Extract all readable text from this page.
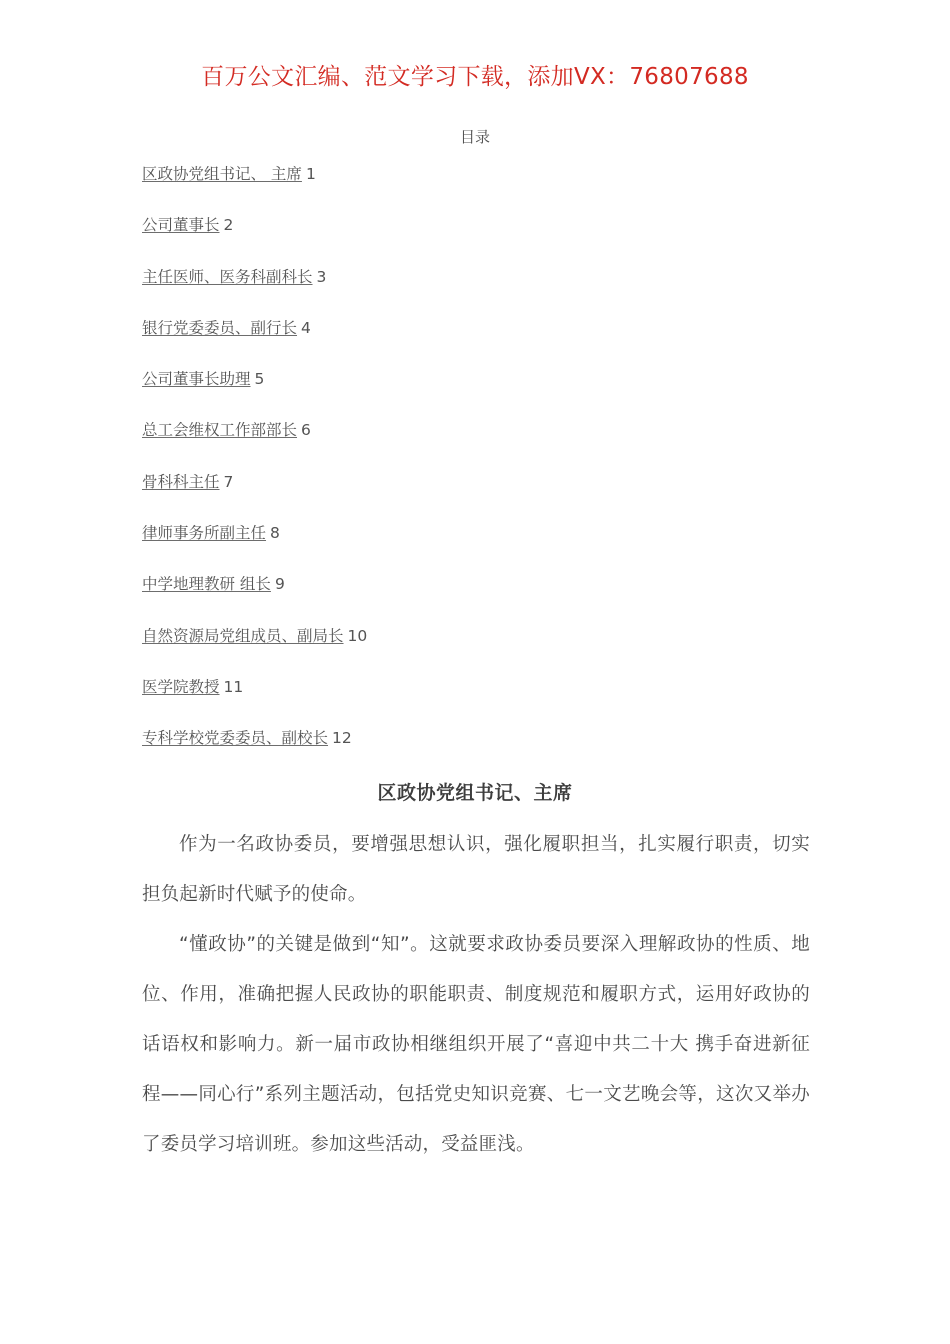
百万公文汇编、范文学习下载，添加VX：76807688
目录
区政协党组书记、 主席 1
公司董事长 2
主任医师、医务科副科长 3
银行党委委员、副行长 4
公司董事长助理 5
总工会维权工作部部长 6
骨科科主任 7
律师事务所副主任 8
中学地理教研 组长 9
自然资源局党组成员、副局长 10
医学院教授 11
专科学校党委委员、副校长 12
区政协党组书记、主席

作为一名政协委员，要增强思想认识，强化履职担当，扎实履行职责，切实担负起新时代赋予的使命。

“懂政协”的关键是做到“知”。这就要求政协委员要深入理解政协的性质、地位、作用，准确把握人民政协的职能职责、制度规范和履职方式，运用好政协的话语权和影响力。新一届市政协相继组织开展了“喜迎中共二十大 携手奋进新征程——同心行”系列主题活动，包括党史知识竞赛、七一文艺晚会等，这次又举办了委员学习培训班。参加这些活动，受益匪浅。
